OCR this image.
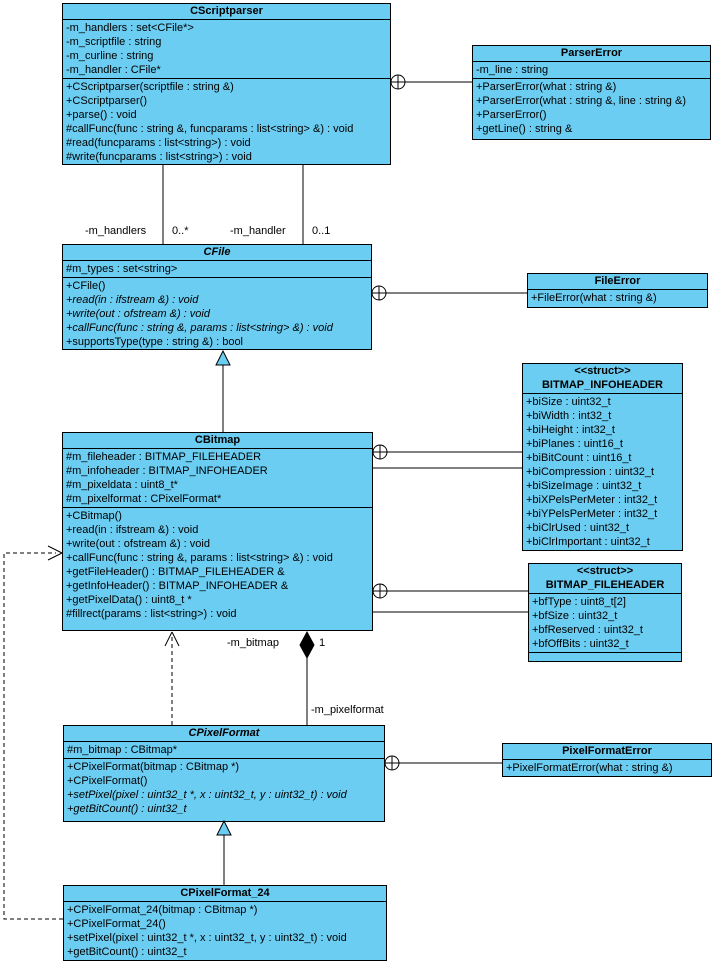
CScriptparser
-m_handlers : set<CFile*>
-m_scriptfile : string
-m_curline : string
-m_handler : CFile*
+CScriptparser(scriptfile : string &)
+CScriptparser()
+parse() : void
#callFunc(func : string &, funcparams : list<string> &) : void
#read(funcparams : list<string>) : void
#write(funcparams : list<string>) : void
ParserError
-m_line : string
+ParserError(what : string &)
+ParserError(what : string &, line : string &)
+ParserError()
+getLine() : string &
CFile
#m_types : set<string>
+CFile()
+read(in : ifstream &) : void
+write(out : ofstream &) : void
+callFunc(func : string &, params : list<string> &) : void
+supportsType(type : string &) : bool
FileError
+FileError(what : string &)
CBitmap
#m_fileheader : BITMAP_FILEHEADER
#m_infoheader : BITMAP_INFOHEADER
#m_pixeldata : uint8_t*
#m_pixelformat : CPixelFormat*
+CBitmap()
+read(in : ifstream &) : void
+write(out : ofstream &) : void
+callFunc(func : string &, params : list<string> &) : void
+getFileHeader() : BITMAP_FILEHEADER &
+getInfoHeader() : BITMAP_INFOHEADER &
+getPixelData() : uint8_t *
#fillrect(params : list<string>) : void
<<struct>>
BITMAP_INFOHEADER
+biSize : uint32_t
+biWidth : int32_t
+biHeight : int32_t
+biPlanes : uint16_t
+biBitCount : uint16_t
+biCompression : uint32_t
+biSizeImage : uint32_t
+biXPelsPerMeter : int32_t
+biYPelsPerMeter : int32_t
+biClrUsed : uint32_t
+biClrImportant : uint32_t
<<struct>>
BITMAP_FILEHEADER
+bfType : uint8_t[2]
+bfSize : uint32_t
+bfReserved : uint32_t
+bfOffBits : uint32_t
CPixelFormat
#m_bitmap : CBitmap*
+CPixelFormat(bitmap : CBitmap *)
+CPixelFormat()
+setPixel(pixel : uint32_t *, x : uint32_t, y : uint32_t) : void
+getBitCount() : uint32_t
PixelFormatError
+PixelFormatError(what : string &)
CPixelFormat_24
+CPixelFormat_24(bitmap : CBitmap *)
+CPixelFormat_24()
+setPixel(pixel : uint32_t *, x : uint32_t, y : uint32_t) : void
+getBitCount() : uint32_t
-m_handlers 0..*	-m_handler 0..1
-m_bitmap	1
-m_pixelformat
